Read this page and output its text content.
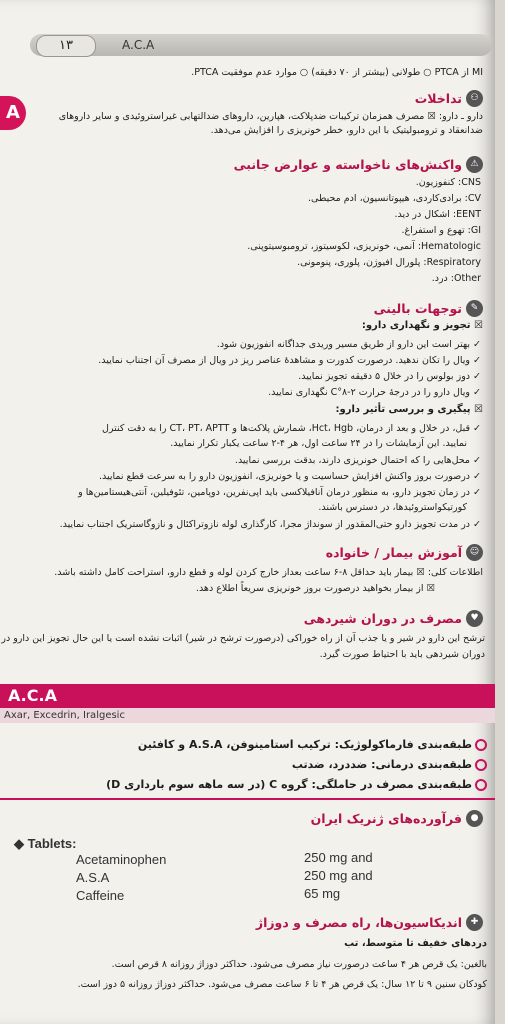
۱۳	A.C.A
A
MI از PTCA ○ طولانی (بیشتر از ۷۰ دقیقه) ○ موارد عدم موفقیت PTCA.
⚇تداخلات
دارو ـ دارو: ☒ مصرف همزمان ترکیبات ضدپلاکت، هپارین، داروهای ضدالتهابی غیراستروئیدی و سایر داروهای
ضدانعقاد و ترومبولیتیک با این دارو، خطر خونریزی را افزایش می‌دهد.
⚠واکنش‌های ناخواسته و عوارض جانبی
CNS: کنفوزیون.
CV: برادی‌کاردی، هیپوتانسیون، ادم محیطی.
EENT: اشکال در دید.
GI: تهوع و استفراغ.
Hematologic: آنمی، خونریزی، لکوسیتوز، ترومبوسیتوپنی.
Respiratory: پلورال افیوژن، پلوری، پنومونی.
Other: درد.
✎توجهات بالینی
☒ تجویز و نگهداری دارو:
✓ بهتر است این دارو از طریق مسیر وریدی جداگانه انفوزیون شود.
✓ ویال را تکان ندهید. درصورت کدورت و مشاهدهٔ عناصر ریز در ویال از مصرف آن اجتناب نمایید.
✓ دوز بولوس را در خلال ۵ دقیقه تجویز نمایید.
✓ ویال دارو را در درجهٔ حرارت ۲-۸°C نگهداری نمایید.
☒ پیگیری و بررسی تأثیر دارو:
✓ قبل، در خلال و بعد از درمان، Hct، Hgb، شمارش پلاکت‌ها و CT، PT، APTT را به دقت کنترل
نمایید. این آزمایشات را در ۲۴ ساعت اول، هر ۴-۲ ساعت یکبار تکرار نمایید.
✓ محل‌هایی را که احتمال خونریزی دارند، بدقت بررسی نمایید.
✓ درصورت بروز واکنش افزایش حساسیت و یا خونریزی، انفوزیون دارو را به سرعت قطع نمایید.
✓ در زمان تجویز دارو، به منظور درمان آنافیلاکسی باید اپی‌نفرین، دوپامین، تئوفیلین، آنتی‌هیستامین‌ها و
کورتیکواستروئیدها، در دسترس باشند.
✓ در مدت تجویز دارو حتی‌المقدور از سونداژ مجرا، کارگذاری لوله نازوتراکئال و نازوگاستریک اجتناب نمایید.
☺آموزش بیمار / خانواده
اطلاعات کلی: ☒ بیمار باید حداقل ۸-۶ ساعت بعداز خارج کردن لوله و قطع دارو، استراحت کامل داشته باشد.
☒ از بیمار بخواهید درصورت بروز خونریزی سریعاً اطلاع دهد.
♥مصرف در دوران شیردهی
ترشح این دارو در شیر و یا جذب آن از راه خوراکی (درصورت ترشح در شیر) اثبات نشده است یا این حال تجویز این دارو در
دوران شیردهی باید با احتیاط صورت گیرد.
A.C.A
Axar, Excedrin, Iralgesic
طبقه‌بندی فارماکولوژیک: ترکیب استامینوفن، A.S.A و کافئین
طبقه‌بندی درمانی: ضددرد، ضدتب
طبقه‌بندی مصرف در حاملگی: گروه C (در سه ماهه سوم بارداری D)
●فرآورده‌های ژنریک ایران
◆ Tablets:
Acetaminophen	250 mg and
A.S.A	250 mg and
Caffeine	65 mg
✚اندیکاسیون‌ها، راه مصرف و دوزاژ
دردهای خفیف تا متوسط، تب
بالغین: یک قرص هر ۴ ساعت درصورت نیاز مصرف می‌شود. حداکثر دوزاژ روزانه ۸ قرص است.
کودکان سنین ۹ تا ۱۲ سال: یک قرص هر ۴ تا ۶ ساعت مصرف می‌شود. حداکثر دوزاژ روزانه ۵ دوز است.
